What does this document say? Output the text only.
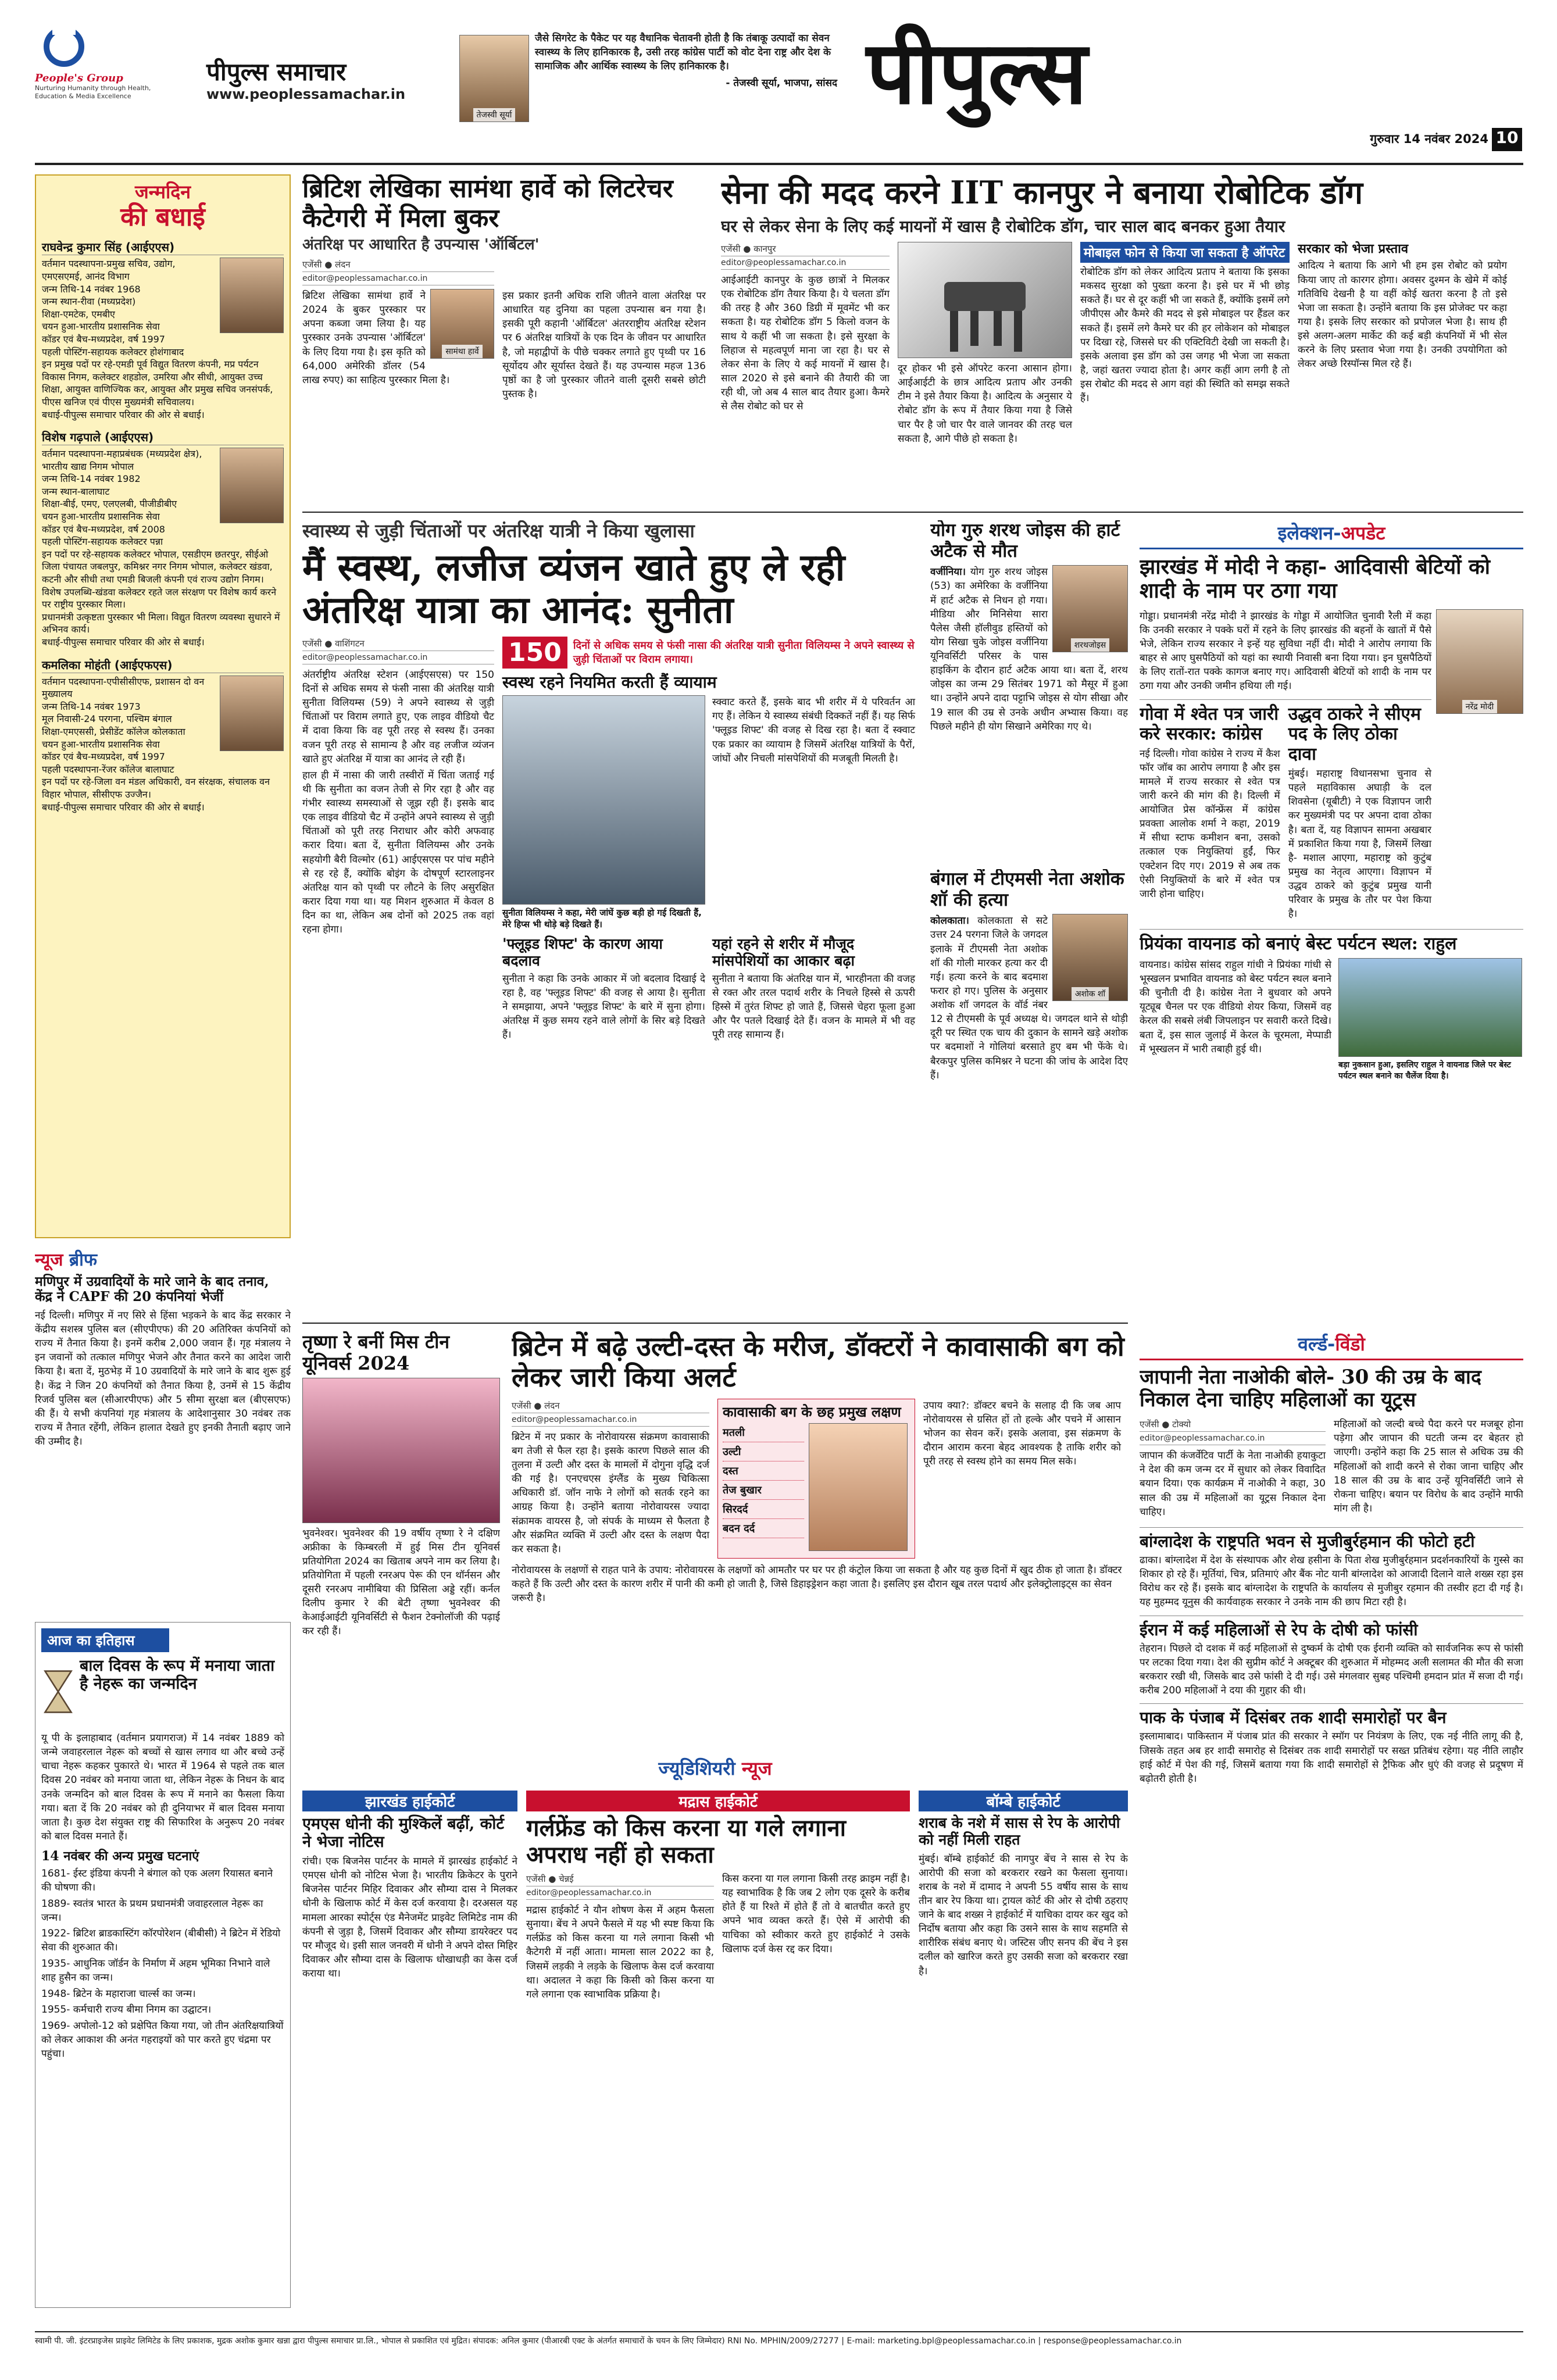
People's Group
Nurturing Humanity through Health, Education & Media Excellence
पीपुल्स समाचार
www.peoplessamachar.in
तेजस्वी सूर्या
जैसे सिगरेट के पैकेट पर यह वैधानिक चेतावनी होती है कि तंबाकू उत्पादों का सेवन स्वास्थ्य के लिए हानिकारक है, उसी तरह कांग्रेस पार्टी को वोट देना राष्ट्र और देश के सामाजिक और आर्थिक स्वास्थ्य के लिए हानिकारक है।
- तेजस्वी सूर्या, भाजपा, सांसद पीपुल्स
गुरुवार 14 नवंबर 2024 10
जन्मदिन
की बधाई
राघवेन्द्र कुमार सिंह (आईएएस)
वर्तमान पदस्थापना-प्रमुख सचिव, उद्योग, एमएसएमई, आनंद विभाग
जन्म तिथि-14 नवंबर 1968
जन्म स्थान-रीवा (मध्यप्रदेश)
शिक्षा-एमटेक, एमबीए
चयन हुआ-भारतीय प्रशासनिक सेवा
कॉडर एवं बैच-मध्यप्रदेश, वर्ष 1997
पहली पोस्टिंग-सहायक कलेक्टर होशंगाबाद
इन प्रमुख पदों पर रहे-एमडी पूर्व विद्युत वितरण कंपनी, मप्र पर्यटन विकास निगम, कलेक्टर शहडोल, उमरिया और सीधी, आयुक्त उच्च शिक्षा, आयुक्त वाणिज्यिक कर, आयुक्त और प्रमुख सचिव जनसंपर्क, पीएस खनिज एवं पीएस मुख्यमंत्री सचिवालय।
बधाई-पीपुल्स समाचार परिवार की ओर से बधाई।
विशेष गढ़पाले (आईएएस)
वर्तमान पदस्थापना-महाप्रबंधक (मध्यप्रदेश क्षेत्र), भारतीय खाद्य निगम भोपाल
जन्म तिथि-14 नवंबर 1982
जन्म स्थान-बालाघाट
शिक्षा-बीई, एमए, एलएलबी, पीजीडीबीए
चयन हुआ-भारतीय प्रशासनिक सेवा
कॉडर एवं बैच-मध्यप्रदेश, वर्ष 2008
पहली पोस्टिंग-सहायक कलेक्टर पन्ना
इन पदों पर रहे-सहायक कलेक्टर भोपाल, एसडीएम छतरपुर, सीईओ जिला पंचायत जबलपुर, कमिश्नर नगर निगम भोपाल, कलेक्टर खंडवा, कटनी और सीधी तथा एमडी बिजली कंपनी एवं राज्य उद्योग निगम।
विशेष उपलब्धि-खंडवा कलेक्टर रहते जल संरक्षण पर विशेष कार्य करने पर राष्ट्रीय पुरस्कार मिला।
प्रधानमंत्री उत्कृष्टता पुरस्कार भी मिला। विद्युत वितरण व्यवस्था सुधारने में अभिनव कार्य।
बधाई-पीपुल्स समाचार परिवार की ओर से बधाई।
कमलिका मोहंती (आईएफएस)
वर्तमान पदस्थापना-एपीसीसीएफ, प्रशासन दो वन मुख्यालय
जन्म तिथि-14 नवंबर 1973
मूल निवासी-24 परगना, पश्चिम बंगाल
शिक्षा-एमएससी, प्रेसीडेंट कॉलेज कोलकाता
चयन हुआ-भारतीय प्रशासनिक सेवा
कॉडर एवं बैच-मध्यप्रदेश, वर्ष 1997
पहली पदस्थापना-रेंजर कॉलेज बालाघाट
इन पदों पर रहे-जिला वन मंडल अधिकारी, वन संरक्षक, संचालक वन विहार भोपाल, सीसीएफ उज्जैन।
बधाई-पीपुल्स समाचार परिवार की ओर से बधाई।
न्यूज ब्रीफ
मणिपुर में उग्रवादियों के मारे जाने के बाद तनाव, केंद्र ने CAPF की 20 कंपनियां भेजीं

नई दिल्ली। मणिपुर में नए सिरे से हिंसा भड़कने के बाद केंद्र सरकार ने केंद्रीय सशस्त्र पुलिस बल (सीएपीएफ) की 20 अतिरिक्त कंपनियों को राज्य में तैनात किया है। इनमें करीब 2,000 जवान हैं। गृह मंत्रालय ने इन जवानों को तत्काल मणिपुर भेजने और तैनात करने का आदेश जारी किया है। बता दें, मुठभेड़ में 10 उग्रवादियों के मारे जाने के बाद शुरू हुई है। केंद्र ने जिन 20 कंपनियों को तैनात किया है, उनमें से 15 केंद्रीय रिजर्व पुलिस बल (सीआरपीएफ) और 5 सीमा सुरक्षा बल (बीएसएफ) की हैं। ये सभी कंपनियां गृह मंत्रालय के आदेशानुसार 30 नवंबर तक राज्य में तैनात रहेंगी, लेकिन हालात देखते हुए इनकी तैनाती बढ़ाए जाने की उम्मीद है।

आज का इतिहास
बाल दिवस के रूप में मनाया जाता है नेहरू का जन्मदिन

यू पी के इलाहाबाद (वर्तमान प्रयागराज) में 14 नवंबर 1889 को जन्मे जवाहरलाल नेहरू को बच्चों से खास लगाव था और बच्चे उन्हें चाचा नेहरू कहकर पुकारते थे। भारत में 1964 से पहले तक बाल दिवस 20 नवंबर को मनाया जाता था, लेकिन नेहरू के निधन के बाद उनके जन्मदिन को बाल दिवस के रूप में मनाने का फैसला किया गया। बता दें कि 20 नवंबर को ही दुनियाभर में बाल दिवस मनाया जाता है। कुछ देश संयुक्त राष्ट्र की सिफारिश के अनुरूप 20 नवंबर को बाल दिवस मनाते हैं।

14 नवंबर की अन्य प्रमुख घटनाएं
1681- ईस्ट इंडिया कंपनी ने बंगाल को एक अलग रियासत बनाने की घोषणा की।
1889- स्वतंत्र भारत के प्रथम प्रधानमंत्री जवाहरलाल नेहरू का जन्म।
1922- ब्रिटिश ब्राडकास्टिंग कॉरपोरेशन (बीबीसी) ने ब्रिटेन में रेडियो सेवा की शुरुआत की।
1935- आधुनिक जॉर्डन के निर्माण में अहम भूमिका निभाने वाले शाह हुसैन का जन्म।
1948- ब्रिटेन के महाराजा चार्ल्स का जन्म।
1955- कर्मचारी राज्य बीमा निगम का उद्घाटन।
1969- अपोलो-12 को प्रक्षेपित किया गया, जो तीन अंतरिक्षयात्रियों को लेकर आकाश की अनंत गहराइयों को पार करते हुए चंद्रमा पर पहुंचा।
ब्रिटिश लेखिका सामंथा हार्वे को लिटरेचर कैटेगरी में मिला बुकर
अंतरिक्ष पर आधारित है उपन्यास 'ऑर्बिटल'
एजेंसी ● लंदन
editor@peoplessamachar.co.in
सामंथा हार्वे

ब्रिटिश लेखिका सामंथा हार्वे ने 2024 के बुकर पुरस्कार पर अपना कब्जा जमा लिया है। यह पुरस्कार उनके उपन्यास 'ऑर्बिटल' के लिए दिया गया है। इस कृति को 64,000 अमेरिकी डॉलर (54 लाख रुपए) का साहित्य पुरस्कार मिला है।

इस प्रकार इतनी अधिक राशि जीतने वाला अंतरिक्ष पर आधारित यह दुनिया का पहला उपन्यास बन गया है। इसकी पूरी कहानी 'ऑर्बिटल' अंतरराष्ट्रीय अंतरिक्ष स्टेशन पर 6 अंतरिक्ष यात्रियों के एक दिन के जीवन पर आधारित है, जो महाद्वीपों के पीछे चक्कर लगाते हुए पृथ्वी पर 16 सूर्योदय और सूर्यास्त देखते हैं। यह उपन्यास महज 136 पृष्ठों का है जो पुरस्कार जीतने वाली दूसरी सबसे छोटी पुस्तक है।

सेना की मदद करने IIT कानपुर ने बनाया रोबोटिक डॉग
घर से लेकर सेना के लिए कई मायनों में खास है रोबोटिक डॉग, चार साल बाद बनकर हुआ तैयार
एजेंसी ● कानपुर
editor@peoplessamachar.co.in

आईआईटी कानपुर के कुछ छात्रों ने मिलकर एक रोबोटिक डॉग तैयार किया है। ये चलता डॉग की तरह है और 360 डिग्री में मूवमेंट भी कर सकता है। यह रोबोटिक डॉग 5 किलो वजन के साथ ये कहीं भी जा सकता है। इसे सुरक्षा के लिहाज से महत्वपूर्ण माना जा रहा है। घर से लेकर सेना के लिए ये कई मायनों में खास है। साल 2020 से इसे बनाने की तैयारी की जा रही थी, जो अब 4 साल बाद तैयार हुआ। कैमरे से लैस रोबोट को घर से

दूर होकर भी इसे ऑपरेट करना आसान होगा। आईआईटी के छात्र आदित्य प्रताप और उनकी टीम ने इसे तैयार किया है। आदित्य के अनुसार ये रोबोट डॉग के रूप में तैयार किया गया है जिसे चार पैर है जो चार पैर वाले जानवर की तरह चल सकता है, आगे पीछे हो सकता है।

मोबाइल फोन से किया जा सकता है ऑपरेट

रोबोटिक डॉग को लेकर आदित्य प्रताप ने बताया कि इसका मकसद सुरक्षा को पुख्ता करना है। इसे घर में भी छोड़ सकते हैं। घर से दूर कहीं भी जा सकते हैं, क्योंकि इसमें लगे जीपीएस और कैमरे की मदद से इसे मोबाइल पर हैंडल कर सकते हैं। इसमें लगे कैमरे घर की हर लोकेशन को मोबाइल पर दिखा रहे, जिससे घर की एक्टिविटी देखी जा सकती है। इसके अलावा इस डॉग को उस जगह भी भेजा जा सकता है, जहां खतरा ज्यादा होता है। अगर कहीं आग लगी है तो इस रोबोट की मदद से आग वहां की स्थिति को समझ सकते हैं।

सरकार को भेजा प्रस्ताव

आदित्य ने बताया कि आगे भी हम इस रोबोट को प्रयोग किया जाए तो कारगर होगा। अवसर दुश्मन के खेमे में कोई गतिविधि देखनी है या वहीं कोई खतरा करना है तो इसे भेजा जा सकता है। उन्होंने बताया कि इस प्रोजेक्ट पर कहा गया है। इसके लिए सरकार को प्रपोजल भेजा है। साथ ही इसे अलग-अलग मार्केट की कई बड़ी कंपनियों में भी सेल करने के लिए प्रस्ताव भेजा गया है। उनकी उपयोगिता को लेकर अच्छे रिस्पॉन्स मिल रहे हैं।

स्वास्थ्य से जुड़ी चिंताओं पर अंतरिक्ष यात्री ने किया खुलासा
मैं स्वस्थ, लजीज व्यंजन खाते हुए ले रही अंतरिक्ष यात्रा का आनंद: सुनीता
एजेंसी ● वाशिंगटन
editor@peoplessamachar.co.in

अंतर्राष्ट्रीय अंतरिक्ष स्टेशन (आईएसएस) पर 150 दिनों से अधिक समय से फंसी नासा की अंतरिक्ष यात्री सुनीता विलियम्स (59) ने अपने स्वास्थ्य से जुड़ी चिंताओं पर विराम लगाते हुए, एक लाइव वीडियो चैट में दावा किया कि वह पूरी तरह से स्वस्थ हैं। उनका वजन पूरी तरह से सामान्य है और वह लजीज व्यंजन खाते हुए अंतरिक्ष में यात्रा का आनंद ले रही हैं।

हाल ही में नासा की जारी तस्वीरों में चिंता जताई गई थी कि सुनीता का वजन तेजी से गिर रहा है और वह गंभीर स्वास्थ्य समस्याओं से जूझ रही हैं। इसके बाद एक लाइव वीडियो चैट में उन्होंने अपने स्वास्थ्य से जुड़ी चिंताओं को पूरी तरह निराधार और कोरी अफवाह करार दिया। बता दें, सुनीता विलियम्स और उनके सहयोगी बैरी विल्मोर (61) आईएसएस पर पांच महीने से रह रहे हैं, क्योंकि बोइंग के दोषपूर्ण स्टारलाइनर अंतरिक्ष यान को पृथ्वी पर लौटने के लिए असुरक्षित करार दिया गया था। यह मिशन शुरुआत में केवल 8 दिन का था, लेकिन अब दोनों को 2025 तक वहां रहना होगा।

150	दिनों से अधिक समय से फंसी नासा की अंतरिक्ष यात्री सुनीता विलियम्स ने अपने स्वास्थ्य से जुड़ी चिंताओं पर विराम लगाया।
स्वस्थ रहने नियमित करती हैं व्यायाम
सुनीता विलियम्स ने कहा, मेरी जांघें कुछ बड़ी हो गई दिखती हैं, मेरे हिप्स भी थोड़े बड़े दिखते हैं।

स्क्वाट करते हैं, इसके बाद भी शरीर में ये परिवर्तन आ गए हैं। लेकिन ये स्वास्थ्य संबंधी दिक्कतें नहीं हैं। यह सिर्फ 'फ्लूइड शिफ्ट' की वजह से दिख रहा है। बता दें स्क्वाट एक प्रकार का व्यायाम है जिसमें अंतरिक्ष यात्रियों के पैरों, जांघों और निचली मांसपेशियों की मजबूती मिलती है।

'फ्लूइड शिफ्ट' के कारण आया बदलाव

सुनीता ने कहा कि उनके आकार में जो बदलाव दिखाई दे रहा है, वह 'फ्लूइड शिफ्ट' की वजह से आया है। सुनीता ने समझाया, अपने 'फ्लूइड शिफ्ट' के बारे में सुना होगा। अंतरिक्ष में कुछ समय रहने वाले लोगों के सिर बड़े दिखते हैं।

यहां रहने से शरीर में मौजूद मांसपेशियों का आकार बढ़ा

सुनीता ने बताया कि अंतरिक्ष यान में, भारहीनता की वजह से रक्त और तरल पदार्थ शरीर के निचले हिस्से से ऊपरी हिस्से में तुरंत शिफ्ट हो जाते हैं, जिससे चेहरा फूला हुआ और पैर पतले दिखाई देते हैं। वजन के मामले में भी वह पूरी तरह सामान्य हैं।

योग गुरु शरथ जोइस की हार्ट अटैक से मौत
शरथजोइस

वर्जीनिया। योग गुरु शरथ जोइस (53) का अमेरिका के वर्जीनिया में हार्ट अटैक से निधन हो गया। मीडिया और मिनिसेया सारा पैलेस जैसी हॉलीवुड हस्तियों को योग सिखा चुके जोइस वर्जीनिया यूनिवर्सिटी परिसर के पास हाइकिंग के दौरान हार्ट अटैक आया था। बता दें, शरथ जोइस का जन्म 29 सितंबर 1971 को मैसूर में हुआ था। उन्होंने अपने दादा पट्टाभि जोइस से योग सीखा और 19 साल की उम्र से उनके अधीन अभ्यास किया। वह पिछले महीने ही योग सिखाने अमेरिका गए थे।

बंगाल में टीएमसी नेता अशोक शॉ की हत्या
अशोक शॉ

कोलकाता। कोलकाता से सटे उत्तर 24 परगना जिले के जगदल इलाके में टीएमसी नेता अशोक शॉ की गोली मारकर हत्या कर दी गई। हत्या करने के बाद बदमाश फरार हो गए। पुलिस के अनुसार अशोक शॉ जगदल के वॉर्ड नंबर 12 से टीएमसी के पूर्व अध्यक्ष थे। जगदल थाने से थोड़ी दूरी पर स्थित एक चाय की दुकान के सामने खड़े अशोक पर बदमाशों ने गोलियां बरसाते हुए बम भी फेंके थे। बैरकपुर पुलिस कमिश्नर ने घटना की जांच के आदेश दिए हैं।

इलेक्शन-अपडेट
झारखंड में मोदी ने कहा- आदिवासी बेटियों को शादी के नाम पर ठगा गया
नरेंद्र मोदी

गोड्डा। प्रधानमंत्री नरेंद्र मोदी ने झारखंड के गोड्डा में आयोजित चुनावी रैली में कहा कि उनकी सरकार ने पक्के घरों में रहने के लिए झारखंड की बहनों के खातों में पैसे भेजे, लेकिन राज्य सरकार ने इन्हें यह सुविधा नहीं दी। मोदी ने आरोप लगाया कि बाहर से आए घुसपैठियों को यहां का स्थायी निवासी बना दिया गया। इन घुसपैठियों के लिए रातों-रात पक्के कागज बनाए गए। आदिवासी बेटियों को शादी के नाम पर ठगा गया और उनकी जमीन हथिया ली गई।

गोवा में श्वेत पत्र जारी करे सरकार: कांग्रेस

नई दिल्ली। गोवा कांग्रेस ने राज्य में कैश फॉर जॉब का आरोप लगाया है और इस मामले में राज्य सरकार से श्वेत पत्र जारी करने की मांग की है। दिल्ली में आयोजित प्रेस कॉन्फ्रेंस में कांग्रेस प्रवक्ता आलोक शर्मा ने कहा, 2019 में सीधा स्टाफ कमीशन बना, उसको तत्काल एक नियुक्तियां हुईं, फिर एक्टेशन दिए गए। 2019 से अब तक ऐसी नियुक्तियों के बारे में श्वेत पत्र जारी होना चाहिए।

उद्धव ठाकरे ने सीएम पद के लिए ठोका दावा

मुंबई। महाराष्ट्र विधानसभा चुनाव से पहले महाविकास अघाड़ी के दल शिवसेना (यूबीटी) ने एक विज्ञापन जारी कर मुख्यमंत्री पद पर अपना दावा ठोका है। बता दें, यह विज्ञापन सामना अखबार में प्रकाशित किया गया है, जिसमें लिखा है- मशाल आएगा, महाराष्ट्र को कुटुंब प्रमुख का नेतृत्व आएगा। विज्ञापन में उद्धव ठाकरे को कुटुंब प्रमुख यानी परिवार के प्रमुख के तौर पर पेश किया है।

प्रियंका वायनाड को बनाएं बेस्ट पर्यटन स्थल: राहुल

वायनाड। कांग्रेस सांसद राहुल गांधी ने प्रियंका गांधी से भूस्खलन प्रभावित वायनाड को बेस्ट पर्यटन स्थल बनाने की चुनौती दी है। कांग्रेस नेता ने बुधवार को अपने यूट्यूब चैनल पर एक वीडियो शेयर किया, जिसमें वह केरल की सबसे लंबी जिपलाइन पर सवारी करते दिखे। बता दें, इस साल जुलाई में केरल के चूरमला, मेप्पाडी में भूस्खलन में भारी तबाही हुई थी।

बड़ा नुकसान हुआ, इसलिए राहुल ने वायनाड जिले पर बेस्ट पर्यटन स्थल बनाने का चैलेंज दिया है।
तृष्णा रे बनीं मिस टीन यूनिवर्स 2024

भुवनेश्वर। भुवनेश्वर की 19 वर्षीय तृष्णा रे ने दक्षिण अफ्रीका के किम्बरली में हुई मिस टीन यूनिवर्स प्रतियोगिता 2024 का खिताब अपने नाम कर लिया है। प्रतियोगिता में पहली रनरअप पेरू की एन थॉर्नसन और दूसरी रनरअप नामीबिया की प्रिसिला अड्डे रहीं। कर्नल दिलीप कुमार रे की बेटी तृष्णा भुवनेश्वर की केआईआईटी यूनिवर्सिटी से फैशन टेक्नोलॉजी की पढ़ाई कर रही हैं।

ब्रिटेन में बढ़े उल्टी-दस्त के मरीज, डॉक्टरों ने कावासाकी बग को लेकर जारी किया अलर्ट
एजेंसी ● लंदन
editor@peoplessamachar.co.in

ब्रिटेन में नए प्रकार के नोरोवायरस संक्रमण कावासाकी बग तेजी से फैल रहा है। इसके कारण पिछले साल की तुलना में उल्टी और दस्त के मामलों में दोगुना वृद्धि दर्ज की गई है। एनएचएस इंग्लैंड के मुख्य चिकित्सा अधिकारी डॉ. जॉन नाफे ने लोगों को सतर्क रहने का आग्रह किया है। उन्होंने बताया नोरोवायरस ज्यादा संक्रामक वायरस है, जो संपर्क के माध्यम से फैलता है और संक्रमित व्यक्ति में उल्टी और दस्त के लक्षण पैदा कर सकता है।

कावासाकी बग के छह प्रमुख लक्षण
मतली
उल्टी
दस्त
तेज बुखार
सिरदर्द
बदन दर्द

उपाय क्या?: डॉक्टर बचने के सलाह दी कि जब आप नोरोवायरस से ग्रसित हों तो हल्के और पचने में आसान भोजन का सेवन करें। इसके अलावा, इस संक्रमण के दौरान आराम करना बेहद आवश्यक है ताकि शरीर को पूरी तरह से स्वस्थ होने का समय मिल सके।

नोरोवायरस के लक्षणों से राहत पाने के उपाय: नोरोवायरस के लक्षणों को आमतौर पर घर पर ही कंट्रोल किया जा सकता है और यह कुछ दिनों में खुद ठीक हो जाता है। डॉक्टर कहते हैं कि उल्टी और दस्त के कारण शरीर में पानी की कमी हो जाती है, जिसे डिहाइड्रेशन कहा जाता है। इसलिए इस दौरान खूब तरल पदार्थ और इलेक्ट्रोलाइट्स का सेवन जरूरी है।

वर्ल्ड-विंडो
जापानी नेता नाओकी बोले- 30 की उम्र के बाद निकाल देना चाहिए महिलाओं का यूट्रस
एजेंसी ● टोक्यो
editor@peoplessamachar.co.in

जापान की कंजर्वेटिव पार्टी के नेता नाओकी हयाकुटा ने देश की कम जन्म दर में सुधार को लेकर विवादित बयान दिया। एक कार्यक्रम में नाओकी ने कहा, 30 साल की उम्र में महिलाओं का यूट्रस निकाल देना चाहिए।

महिलाओं को जल्दी बच्चे पैदा करने पर मजबूर होना पड़ेगा और जापान की घटती जन्म दर बेहतर हो जाएगी। उन्होंने कहा कि 25 साल से अधिक उम्र की महिलाओं को शादी करने से रोका जाना चाहिए और 18 साल की उम्र के बाद उन्हें यूनिवर्सिटी जाने से रोकना चाहिए। बयान पर विरोध के बाद उन्होंने माफी मांग ली है।

बांग्लादेश के राष्ट्रपति भवन से मुजीबुर्रहमान की फोटो हटी

ढाका। बांग्लादेश में देश के संस्थापक और शेख हसीना के पिता शेख मुजीबुर्रहमान प्रदर्शनकारियों के गुस्से का शिकार हो रहे हैं। मूर्तियां, चित्र, प्रतिमाएं और बैंक नोट यानी बांग्लादेश को आजादी दिलाने वाले शख्स रहा इस विरोध कर रहे हैं। इसके बाद बांग्लादेश के राष्ट्रपति के कार्यालय से मुजीबुर रहमान की तस्वीर हटा दी गई है। यह मुहम्मद यूनुस की कार्यवाहक सरकार ने उनके नाम की छाप मिटा रही है।

ईरान में कई महिलाओं से रेप के दोषी को फांसी

तेहरान। पिछले दो दशक में कई महिलाओं से दुष्कर्म के दोषी एक ईरानी व्यक्ति को सार्वजनिक रूप से फांसी पर लटका दिया गया। देश की सुप्रीम कोर्ट ने अक्टूबर की शुरुआत में मोहम्मद अली सलामत की मौत की सजा बरकरार रखी थी, जिसके बाद उसे फांसी दे दी गई। उसे मंगलवार सुबह पश्चिमी हमदान प्रांत में सजा दी गई। करीब 200 महिलाओं ने दया की गुहार की थी।

पाक के पंजाब में दिसंबर तक शादी समारोहों पर बैन

इस्लामाबाद। पाकिस्तान में पंजाब प्रांत की सरकार ने स्मॉग पर नियंत्रण के लिए, एक नई नीति लागू की है, जिसके तहत अब हर शादी समारोह से दिसंबर तक शादी समारोहों पर सख्त प्रतिबंध रहेगा। यह नीति लाहौर हाई कोर्ट में पेश की गई, जिसमें बताया गया कि शादी समारोहों से ट्रैफिक और धुएं की वजह से प्रदूषण में बढ़ोतरी होती है।

ज्यूडिशियरी न्यूज
झारखंड हाईकोर्ट
एमएस धोनी की मुश्किलें बढ़ीं, कोर्ट ने भेजा नोटिस

रांची। एक बिजनेस पार्टनर के मामले में झारखंड हाईकोर्ट ने एमएस धोनी को नोटिस भेजा है। भारतीय क्रिकेटर के पुराने बिजनेस पार्टनर मिहिर दिवाकर और सौम्या दास ने मिलकर धोनी के खिलाफ कोर्ट में केस दर्ज करवाया है। दरअसल यह मामला आरका स्पोर्ट्स एंड मैनेजमेंट प्राइवेट लिमिटेड नाम की कंपनी से जुड़ा है, जिसमें दिवाकर और सौम्या डायरेक्टर पद पर मौजूद थे। इसी साल जनवरी में धोनी ने अपने दोस्त मिहिर दिवाकर और सौम्या दास के खिलाफ धोखाधड़ी का केस दर्ज कराया था।

मद्रास हाईकोर्ट
गर्लफ्रेंड को किस करना या गले लगाना अपराध नहीं हो सकता
एजेंसी ● चेन्नई
editor@peoplessamachar.co.in

मद्रास हाईकोर्ट ने यौन शोषण केस में अहम फैसला सुनाया। बेंच ने अपने फैसले में यह भी स्पष्ट किया कि गर्लफ्रेंड को किस करना या गले लगाना किसी भी कैटेगरी में नहीं आता। मामला साल 2022 का है, जिसमें लड़की ने लड़के के खिलाफ केस दर्ज करवाया था। अदालत ने कहा कि किसी को किस करना या गले लगाना एक स्वाभाविक प्रक्रिया है।

किस करना या गल लगाना किसी तरह क्राइम नहीं है। यह स्वाभाविक है कि जब 2 लोग एक दूसरे के करीब होते हैं या रिश्ते में होते हैं तो वे बातचीत करते हुए अपने भाव व्यक्त करते हैं। ऐसे में आरोपी की याचिका को स्वीकार करते हुए हाईकोर्ट ने उसके खिलाफ दर्ज केस रद्द कर दिया।

बॉम्बे हाईकोर्ट
शराब के नशे में सास से रेप के आरोपी को नहीं मिली राहत

मुंबई। बॉम्बे हाईकोर्ट की नागपुर बेंच ने सास से रेप के आरोपी की सजा को बरकरार रखने का फैसला सुनाया। शराब के नशे में दामाद ने अपनी 55 वर्षीय सास के साथ तीन बार रेप किया था। ट्रायल कोर्ट की ओर से दोषी ठहराए जाने के बाद शख्स ने हाईकोर्ट में याचिका दायर कर खुद को निर्दोष बताया और कहा कि उसने सास के साथ सहमति से शारीरिक संबंध बनाए थे। जस्टिस जीए सनप की बेंच ने इस दलील को खारिज करते हुए उसकी सजा को बरकरार रखा है।

स्वामी पी. जी. इंटरप्राइजेस प्राइवेट लिमिटेड के लिए प्रकाशक, मुद्रक अशोक कुमार खन्ना द्वारा पीपुल्स समाचार प्रा.लि., भोपाल से प्रकाशित एवं मुद्रित। संपादक: अनिल कुमार (पीआरबी एक्ट के अंतर्गत समाचारों के चयन के लिए जिम्मेदार) RNI No. MPHIN/2009/27277 | E-mail: marketing.bpl@peoplessamachar.co.in | response@peoplessamachar.co.in
